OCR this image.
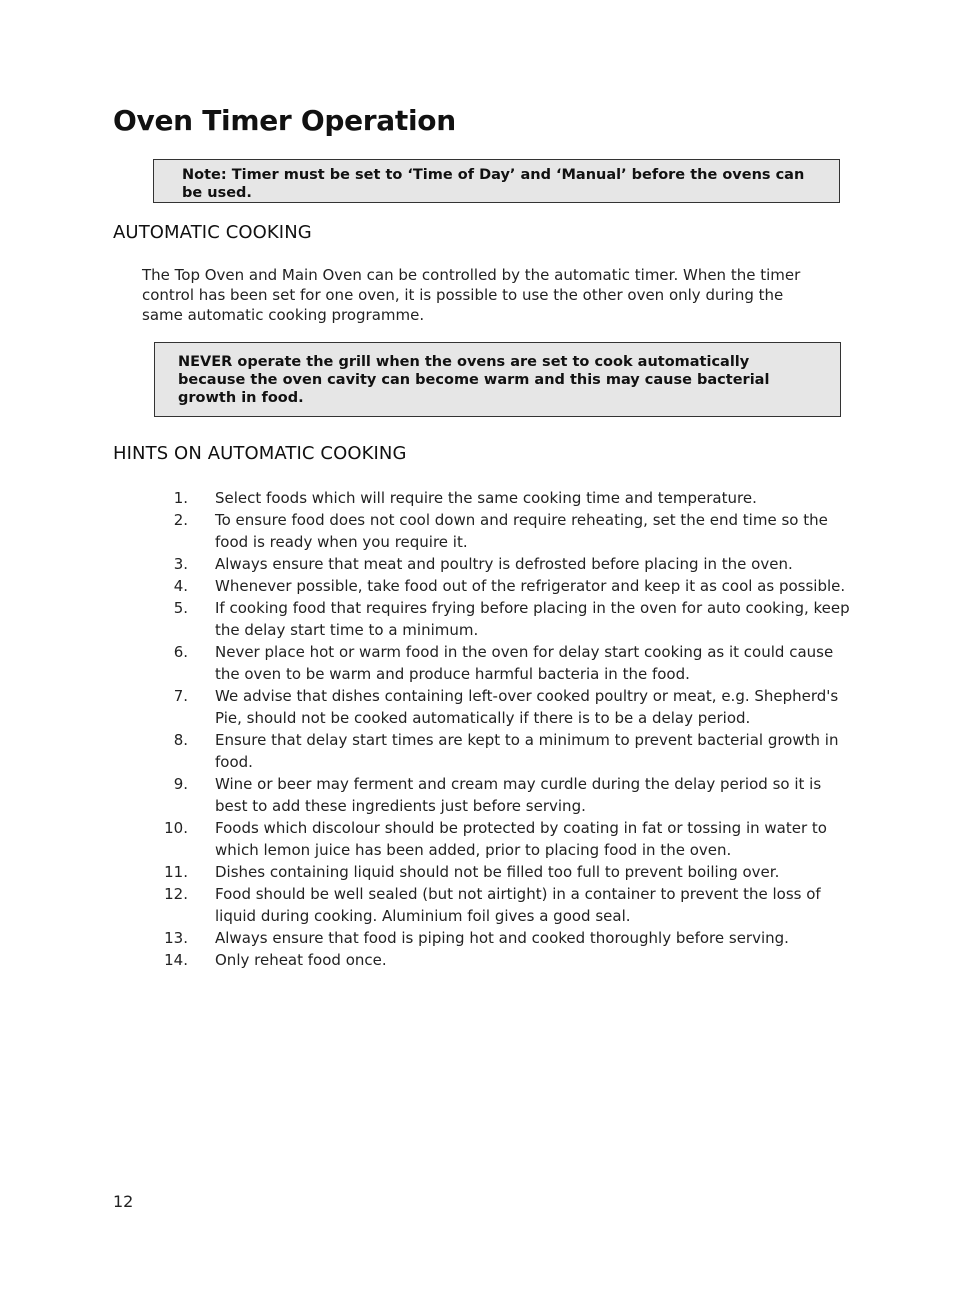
Oven Timer Operation
Note: Timer must be set to ‘Time of Day’ and ‘Manual’ before the ovens can be used.
AUTOMATIC COOKING

The Top Oven and Main Oven can be controlled by the automatic timer. When the timer control has been set for one oven, it is possible to use the other oven only during the same automatic cooking programme.

NEVER operate the grill when the ovens are set to cook automatically because the oven cavity can become warm and this may cause bacterial growth in food.
HINTS ON AUTOMATIC COOKING
1. Select foods which will require the same cooking time and temperature.
2. To ensure food does not cool down and require reheating, set the end time so the food is ready when you require it.
3. Always ensure that meat and poultry is defrosted before placing in the oven.
4. Whenever possible, take food out of the refrigerator and keep it as cool as possible.
5. If cooking food that requires frying before placing in the oven for auto cooking, keep the delay start time to a minimum.
6. Never place hot or warm food in the oven for delay start cooking as it could cause the oven to be warm and produce harmful bacteria in the food.
7. We advise that dishes containing left-over cooked poultry or meat, e.g. Shepherd's Pie, should not be cooked automatically if there is to be a delay period.
8. Ensure that delay start times are kept to a minimum to prevent bacterial growth in food.
9. Wine or beer may ferment and cream may curdle during the delay period so it is best to add these ingredients just before serving.
10. Foods which discolour should be protected by coating in fat or tossing in water to which lemon juice has been added, prior to placing food in the oven.
11. Dishes containing liquid should not be filled too full to prevent boiling over.
12. Food should be well sealed (but not airtight) in a container to prevent the loss of liquid during cooking. Aluminium foil gives a good seal.
13. Always ensure that food is piping hot and cooked thoroughly before serving.
14. Only reheat food once.
12
